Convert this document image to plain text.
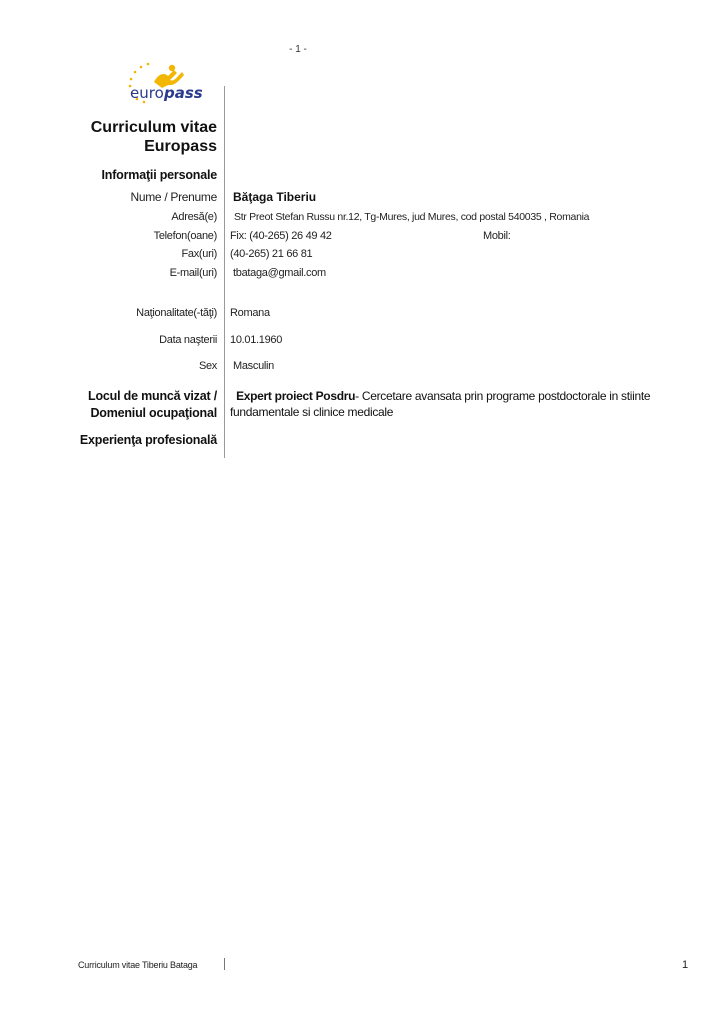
- 1 -
euro pass
Curriculum vitae
Europass
Informaţii personale
Nume / Prenume Băţaga Tiberiu
Adresă(e) Str Preot Stefan Russu nr.12, Tg-Mures, jud Mures, cod postal 540035 , Romania
Telefon(oane) Fix: (40-265) 26 49 42	Mobil:
Fax(uri) (40-265) 21 66 81
E-mail(uri) tbataga@gmail.com
Naţionalitate(-tăţi) Romana
Data naşterii 10.01.1960
Sex Masculin
Locul de muncă vizat /
Domeniul ocupaţional
Expert proiect Posdru- Cercetare avansata prin programe postdoctorale in stiinte fundamentale si clinice medicale
Experienţa profesională
Curriculum vitae Tiberiu Bataga	1
